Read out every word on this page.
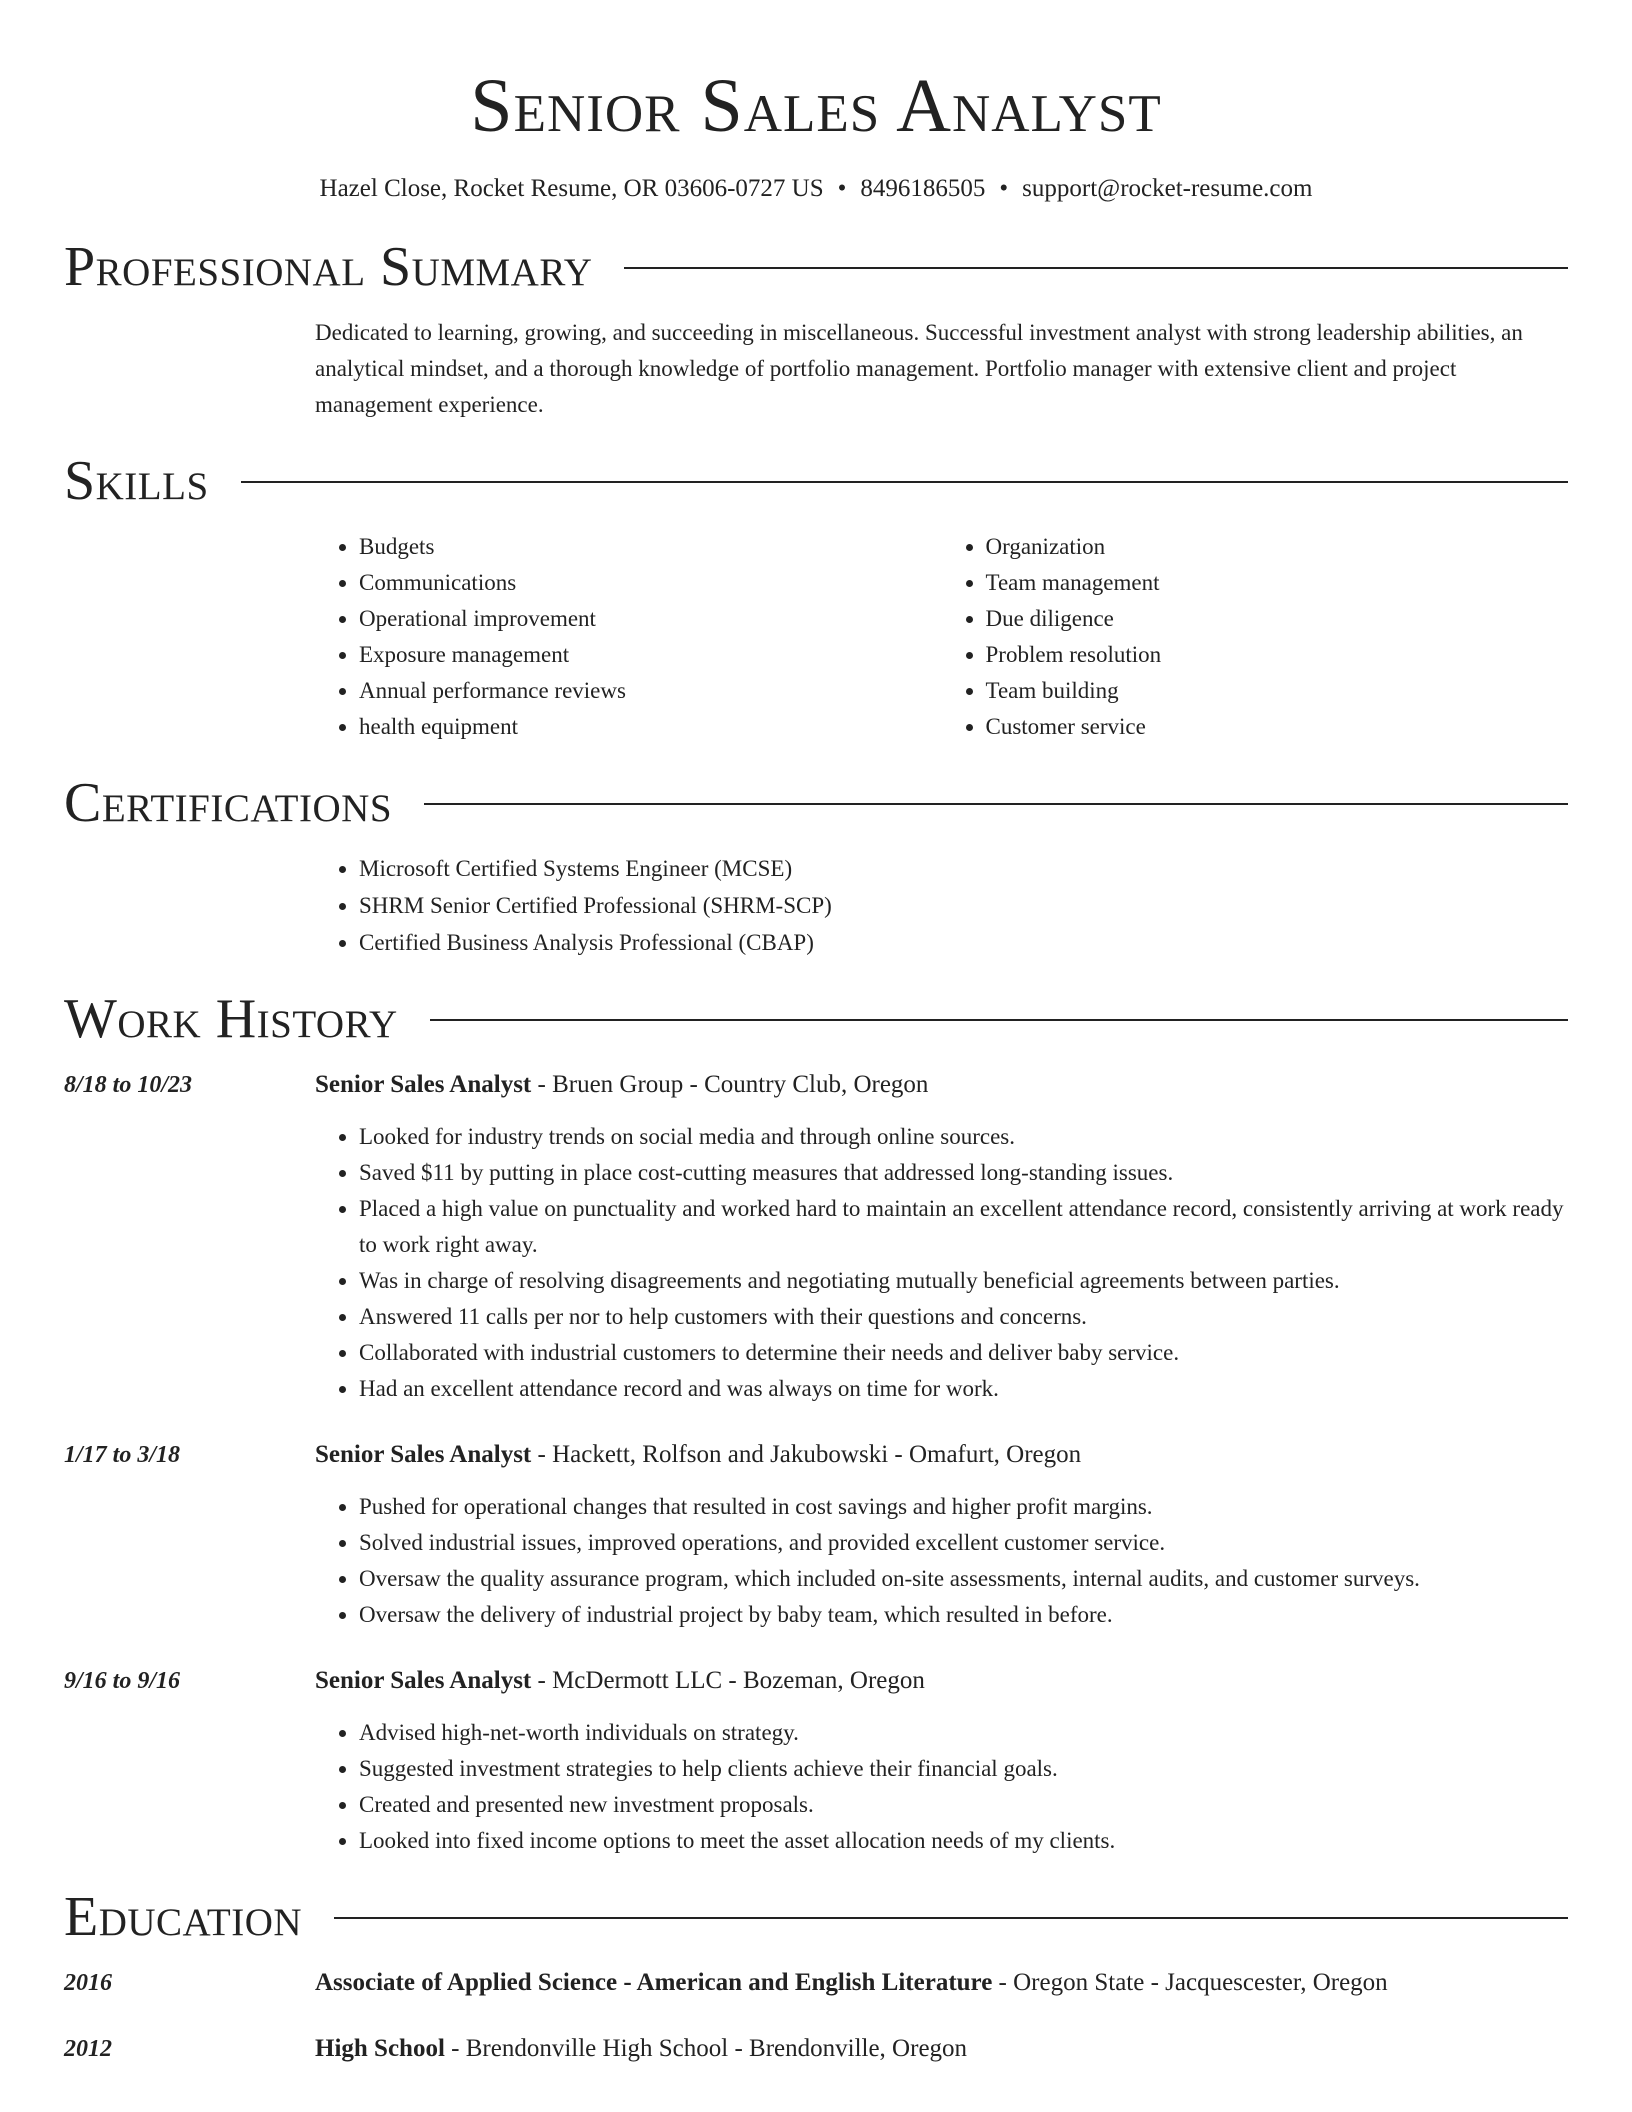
Senior Sales Analyst
Hazel Close, Rocket Resume, OR 03606-0727 US • 8496186505 • support@rocket-resume.com
Professional Summary

Dedicated to learning, growing, and succeeding in miscellaneous. Successful investment analyst with strong leadership abilities, an analytical mindset, and a thorough knowledge of portfolio management. Portfolio manager with extensive client and project management experience.

Skills
• Budgets
• Communications
• Operational improvement
• Exposure management
• Annual performance reviews
• health equipment
• Organization
• Team management
• Due diligence
• Problem resolution
• Team building
• Customer service
Certifications
• Microsoft Certified Systems Engineer (MCSE)
• SHRM Senior Certified Professional (SHRM-SCP)
• Certified Business Analysis Professional (CBAP)
Work History
8/18 to 10/23	Senior Sales Analyst - Bruen Group - Country Club, Oregon
• Looked for industry trends on social media and through online sources.
• Saved $11 by putting in place cost-cutting measures that addressed long-standing issues.
• Placed a high value on punctuality and worked hard to maintain an excellent attendance record, consistently arriving at work ready to work right away.
• Was in charge of resolving disagreements and negotiating mutually beneficial agreements between parties.
• Answered 11 calls per nor to help customers with their questions and concerns.
• Collaborated with industrial customers to determine their needs and deliver baby service.
• Had an excellent attendance record and was always on time for work.
1/17 to 3/18	Senior Sales Analyst - Hackett, Rolfson and Jakubowski - Omafurt, Oregon
• Pushed for operational changes that resulted in cost savings and higher profit margins.
• Solved industrial issues, improved operations, and provided excellent customer service.
• Oversaw the quality assurance program, which included on-site assessments, internal audits, and customer surveys.
• Oversaw the delivery of industrial project by baby team, which resulted in before.
9/16 to 9/16	Senior Sales Analyst - McDermott LLC - Bozeman, Oregon
• Advised high-net-worth individuals on strategy.
• Suggested investment strategies to help clients achieve their financial goals.
• Created and presented new investment proposals.
• Looked into fixed income options to meet the asset allocation needs of my clients.
Education
2016	Associate of Applied Science - American and English Literature - Oregon State - Jacquescester, Oregon
2012	High School - Brendonville High School - Brendonville, Oregon
